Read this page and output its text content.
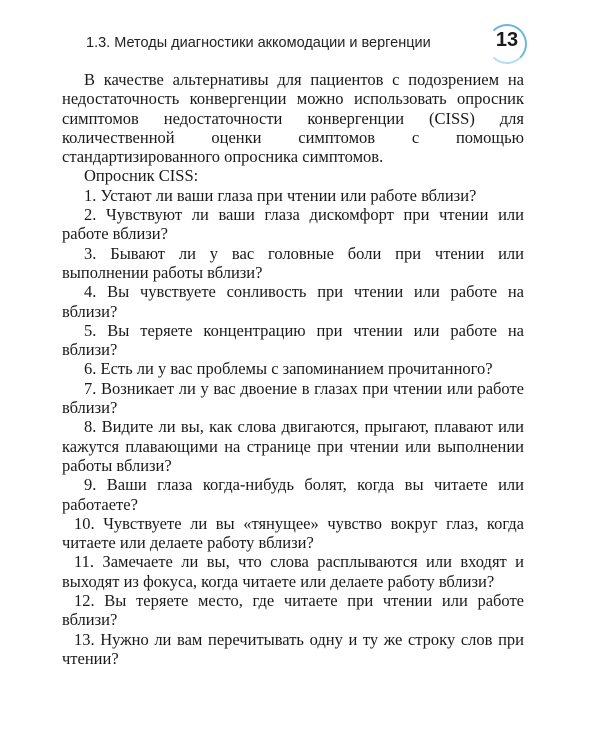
1.3. Методы диагностики аккомодации и вергенции	13

В качестве альтернативы для пациентов с подозрением на недостаточность конвергенции можно использовать опросник симптомов недостаточности конвергенции (CISS) для количественной оценки симптомов с помощью стандартизированного опросника симптомов.

Опросник CISS:

1. Устают ли ваши глаза при чтении или работе вблизи?

2. Чувствуют ли ваши глаза дискомфорт при чтении или работе вблизи?

3. Бывают ли у вас головные боли при чтении или выполнении работы вблизи?

4. Вы чувствуете сонливость при чтении или работе на вблизи?

5. Вы теряете концентрацию при чтении или работе на вблизи?

6. Есть ли у вас проблемы с запоминанием прочитанного?

7. Возникает ли у вас двоение в глазах при чтении или работе вблизи?

8. Видите ли вы, как слова двигаются, прыгают, плавают или кажутся плавающими на странице при чтении или выполнении работы вблизи?

9. Ваши глаза когда-нибудь болят, когда вы читаете или работаете?

10. Чувствуете ли вы «тянущее» чувство вокруг глаз, когда читаете или делаете работу вблизи?

11. Замечаете ли вы, что слова расплываются или входят и выходят из фокуса, когда читаете или делаете работу вблизи?

12. Вы теряете место, где читаете при чтении или работе вблизи?

13. Нужно ли вам перечитывать одну и ту же строку слов при чтении?
